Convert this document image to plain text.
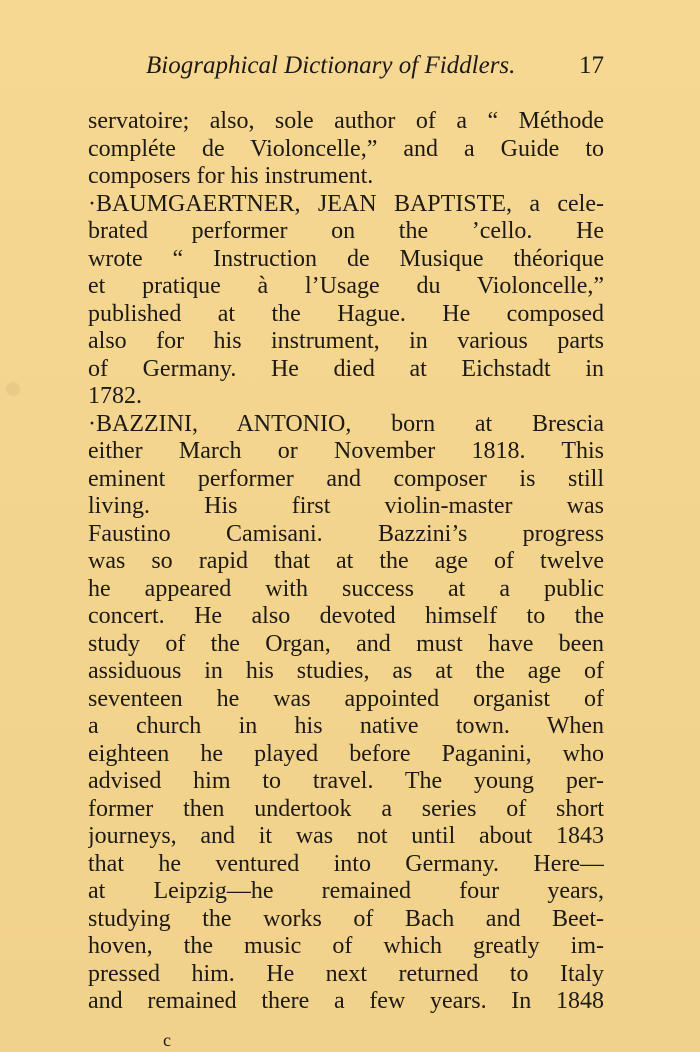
Biographical Dictionary of Fiddlers.	17
servatoire; also, sole author of a “ Méthode
compléte de Violoncelle,” and a Guide to
composers for his instrument.
·BAUMGAERTNER, JEAN BAPTISTE, a cele-
brated performer on the ’cello. He
wrote “ Instruction de Musique théorique
et pratique à l’Usage du Violoncelle,”
published at the Hague. He composed
also for his instrument, in various parts
of Germany. He died at Eichstadt in
1782.
·BAZZINI, ANTONIO, born at Brescia
either March or November 1818. This
eminent performer and composer is still
living. His first violin-master was
Faustino Camisani. Bazzini’s progress
was so rapid that at the age of twelve
he appeared with success at a public
concert. He also devoted himself to the
study of the Organ, and must have been
assiduous in his studies, as at the age of
seventeen he was appointed organist of
a church in his native town. When
eighteen he played before Paganini, who
advised him to travel. The young per-
former then undertook a series of short
journeys, and it was not until about 1843
that he ventured into Germany. Here—
at Leipzig—he remained four years,
studying the works of Bach and Beet-
hoven, the music of which greatly im-
pressed him. He next returned to Italy
and remained there a few years. In 1848
c
